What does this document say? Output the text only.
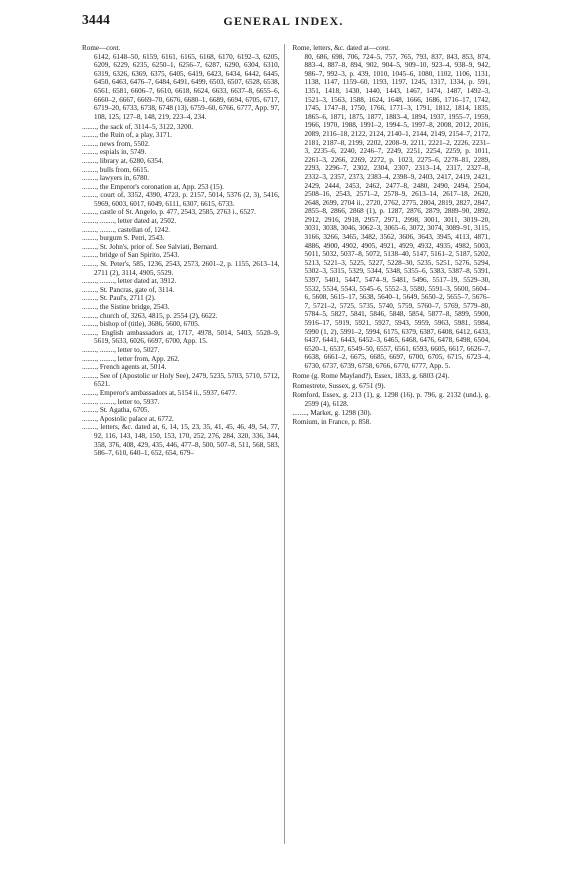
3444	GENERAL INDEX.

Rome—cont.

6142, 6148–50, 6159, 6161, 6165, 6168, 6170, 6192–3, 6205, 6209, 6229, 6235, 6250–1, 6256–7, 6287, 6290, 6304, 6310, 6319, 6326, 6369, 6375, 6405, 6419, 6423, 6434, 6442, 6445, 6450, 6463, 6476–7, 6484, 6491, 6499, 6503, 6507, 6528, 6538, 6561, 6581, 6606–7, 6610, 6618, 6624, 6633, 6637–8, 6655–6, 6660–2, 6667, 6669–70, 6676, 6680–1, 6689, 6694, 6705, 6717, 6719–20, 6733, 6738, 6748 (13), 6759–60, 6766, 6777, App. 97, 108, 125, 127–8, 148, 219, 223–4, 234.

........, the sack of, 3114–5, 3122, 3200.

........, the Ruin of, a play, 3171.

........, news from, 5502.

........, espials in, 5749.

........, library at, 6280, 6354.

........, bulls from, 6615.

........, lawyers in, 6780.

........, the Emperor's coronation at, App. 253 (15).

........, court of, 3352, 4390, 4723, p. 2157, 5014, 5376 (2, 3), 5416, 5969, 6003, 6017, 6049, 6111, 6307, 6615, 6733.

........, castle of St. Angelo, p. 477, 2543, 2585, 2763 i., 6527.

........, ........, letter dated at, 2502.

........, ........, castellan of, 1242.

........, burgum S. Petri, 2543.

........, St. John's, prior of. See Salviati, Bernard.

........, bridge of San Spirito, 2543.

........, St. Peter's, 585, 1236, 2543, 2573, 2601–2, p. 1155, 2613–14, 2711 (2), 3114, 4905, 5529.

........, ........, letter dated at, 3912.

........, St. Pancras, gate of, 3114.

........, St. Paul's, 2711 (2).

........, the Sistine bridge, 2543.

........, church of, 3263, 4815, p. 2554 (2), 6622.

........, bishop of (title), 3686, 5600, 6705.

........, English ambassadors at, 1717, 4978, 5014, 5403, 5528–9, 5619, 5633, 6026, 6697, 6700, App. 15.

........, ........, letter to, 5027.

........, ........, letter from, App. 262.

........, French agents at, 5014.

........, See of (Apostolic or Holy See), 2479, 5235, 5703, 5710, 5712, 6521.

........, Emperor's ambassadors at, 5154 ii., 5937, 6477.

........, ........, letter to, 5937.

........, St. Agatha, 6705.

........, Apostolic palace at, 6772.

........, letters, &c. dated at, 6, 14, 15, 23, 35, 41, 45, 46, 49, 54, 77, 92, 116, 143, 148, 150, 153, 170, 252, 276, 284, 320, 336, 344, 358, 376, 408, 429, 435, 446, 477–8, 500, 507–8, 511, 568, 583, 586–7, 610, 640–1, 652, 654, 679–

Rome, letters, &c. dated at—cont.

80, 686, 698, 706, 724–5, 757, 765, 793, 837, 843, 853, 874, 883–4, 887–8, 894, 902, 904–5, 909–10, 923–4, 938–9, 942, 986–7, 992–3, p. 439, 1010, 1045–6, 1080, 1102, 1106, 1131, 1138, 1147, 1159–60, 1193, 1197, 1245, 1317, 1334, p. 591, 1351, 1418, 1430, 1440, 1443, 1467, 1474, 1487, 1492–3, 1521–3, 1563, 1588, 1624, 1648, 1666, 1686, 1716–17, 1742, 1745, 1747–8, 1750, 1766, 1771–3, 1791, 1812, 1814, 1835, 1865–6, 1871, 1875, 1877, 1883–4, 1894, 1937, 1955–7, 1959, 1966, 1970, 1988, 1991–2, 1994–5, 1997–8, 2008, 2012, 2016, 2089, 2116–18, 2122, 2124, 2140–1, 2144, 2149, 2154–7, 2172, 2181, 2187–8, 2199, 2202, 2208–9, 2211, 2221–2, 2226, 2231–3, 2235–6, 2240, 2246–7, 2249, 2251, 2254, 2259, p. 1011, 2261–3, 2266, 2269, 2272, p. 1023, 2275–6, 2278–81, 2289, 2293, 2296–7, 2302, 2304, 2307, 2313–14, 2317, 2327–8, 2332–3, 2357, 2373, 2383–4, 2398–9, 2403, 2417, 2419, 2421, 2429, 2444, 2453, 2462, 2477–8, 2480, 2490, 2494, 2504, 2508–16, 2543, 2571–2, 2578–9, 2613–14, 2617–18, 2620, 2648, 2699, 2704 ii., 2720, 2762, 2775, 2804, 2819, 2827, 2847, 2855–8, 2866, 2868 (1), p. 1287, 2876, 2879, 2889–90, 2892, 2912, 2916, 2918, 2957, 2971, 2998, 3001, 3011, 3019–20, 3031, 3038, 3046, 3062–3, 3065–6, 3072, 3074, 3089–91, 3115, 3166, 3266, 3465, 3482, 3562, 3606, 3643, 3945, 4113, 4871, 4886, 4900, 4902, 4905, 4921, 4929, 4932, 4935, 4982, 5003, 5011, 5032, 5037–8, 5072, 5138–40, 5147, 5161–2, 5187, 5202, 5213, 5221–3, 5225, 5227, 5228–30, 5235, 5251, 5276, 5294, 5302–3, 5315, 5329, 5344, 5348, 5355–6, 5383, 5387–8, 5391, 5397, 5401, 5447, 5474–9, 5481, 5496, 5517–19, 5529–30, 5532, 5534, 5543, 5545–6, 5552–3, 5580, 5591–3, 5600, 5604–6, 5608, 5615–17, 5638, 5640–1, 5649, 5650–2, 5655–7, 5676–7, 5721–2, 5725, 5735, 5740, 5759, 5760–7, 5769, 5779–80, 5784–5, 5827, 5841, 5846, 5848, 5854, 5877–8, 5899, 5900, 5916–17, 5919, 5921, 5927, 5943, 5959, 5963, 5981, 5984, 5990 (1, 2), 5991–2, 5994, 6175, 6379, 6387, 6408, 6412, 6433, 6437, 6441, 6443, 6452–3, 6465, 6468, 6476, 6478, 6498, 6504, 6520–1, 6537, 6549–50, 6557, 6561, 6593, 6605, 6617, 6626–7, 6638, 6661–2, 6675, 6685, 6697, 6700, 6705, 6715, 6723–4, 6730, 6737, 6739, 6758, 6766, 6770, 6777, App. 5.

Rome (g. Rome Mayland?), Essex, 1833, g. 6803 (24).

Romestrete, Sussex, g. 6751 (9).

Romford, Essex, g. 213 (1), g. 1298 (16), p. 796, g. 2132 (und.), g. 2599 (4), 6128.

........, Market, g. 1298 (30).

Romium, in France, p. 858.
